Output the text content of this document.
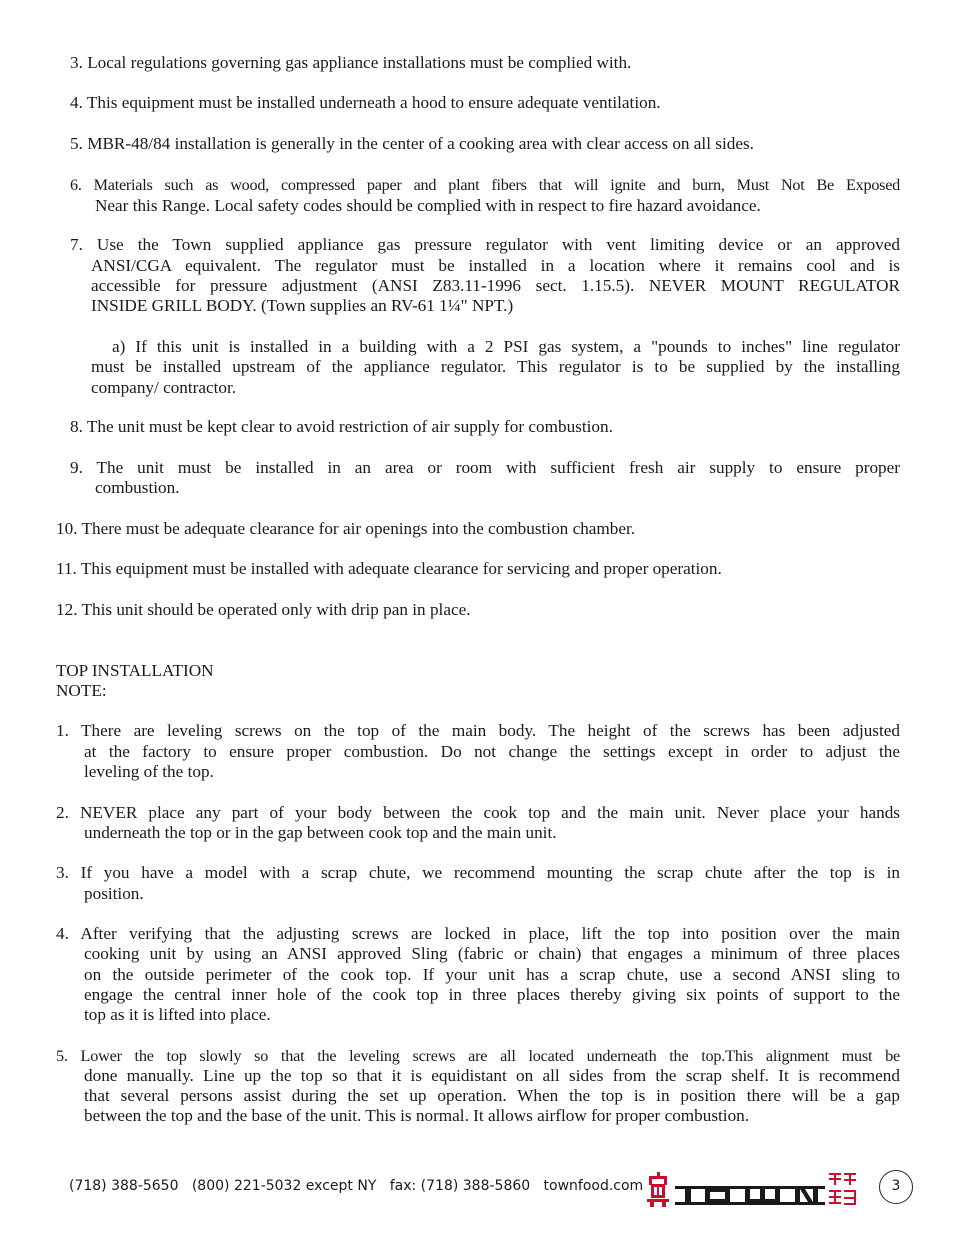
3. Local regulations governing gas appliance installations must be complied with.
4. This equipment must be installed underneath a hood to ensure adequate ventilation.
5. MBR-48/84 installation is generally in the center of a cooking area with clear access on all sides.
6. Materials such as wood, compressed paper and plant fibers that will ignite and burn, Must Not Be Exposed
Near this Range. Local safety codes should be complied with in respect to fire hazard avoidance.
7. Use the Town supplied appliance gas pressure regulator with vent limiting device or an approved
ANSI/CGA equivalent. The regulator must be installed in a location where it remains cool and is
accessible for pressure adjustment (ANSI Z83.11-1996 sect. 1.15.5). NEVER MOUNT REGULATOR
INSIDE GRILL BODY. (Town supplies an RV-61 1¼" NPT.)
a) If this unit is installed in a building with a 2 PSI gas system, a "pounds to inches" line regulator
must be installed upstream of the appliance regulator. This regulator is to be supplied by the installing
company/ contractor.
8. The unit must be kept clear to avoid restriction of air supply for combustion.
9. The unit must be installed in an area or room with sufficient fresh air supply to ensure proper
combustion.
10. There must be adequate clearance for air openings into the combustion chamber.
11. This equipment must be installed with adequate clearance for servicing and proper operation.
12. This unit should be operated only with drip pan in place.
TOP INSTALLATION
NOTE:
1. There are leveling screws on the top of the main body. The height of the screws has been adjusted
at the factory to ensure proper combustion. Do not change the settings except in order to adjust the
leveling of the top.
2. NEVER place any part of your body between the cook top and the main unit. Never place your hands
underneath the top or in the gap between cook top and the main unit.
3. If you have a model with a scrap chute, we recommend mounting the scrap chute after the top is in
position.
4. After verifying that the adjusting screws are locked in place, lift the top into position over the main
cooking unit by using an ANSI approved Sling (fabric or chain) that engages a minimum of three places
on the outside perimeter of the cook top. If your unit has a scrap chute, use a second ANSI sling to
engage the central inner hole of the cook top in three places thereby giving six points of support to the
top as it is lifted into place.
5. Lower the top slowly so that the leveling screws are all located underneath the top.This alignment must be
done manually. Line up the top so that it is equidistant on all sides from the scrap shelf. It is recommend
that several persons assist during the set up operation. When the top is in position there will be a gap
between the top and the base of the unit. This is normal. It allows airflow for proper combustion.
(718) 388-5650   (800) 221-5032 except NY   fax: (718) 388-5860   townfood.com	3
